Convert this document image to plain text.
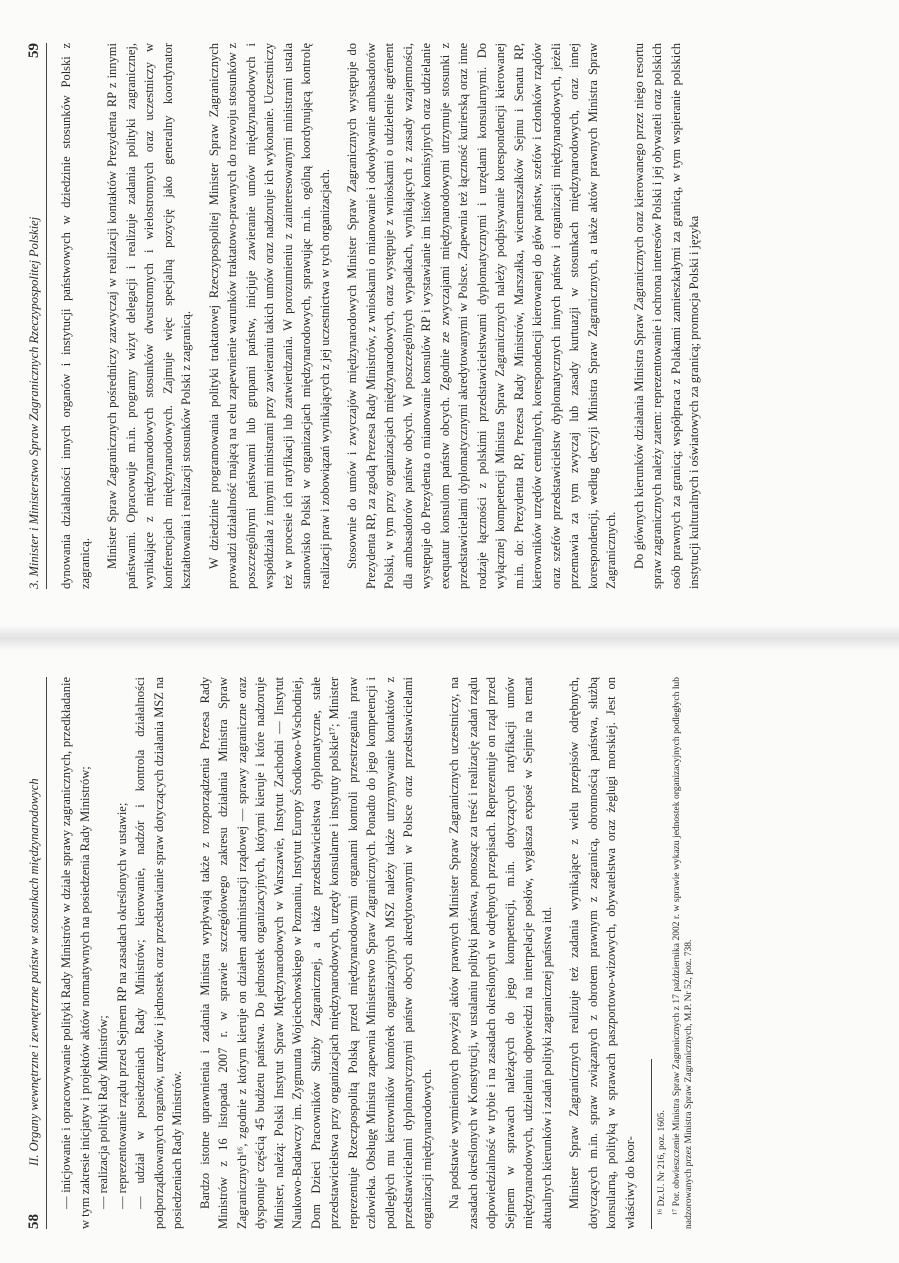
58
II. Organy wewnętrzne i zewnętrzne państw w stosunkach międzynarodowych — inicjowanie i opracowywanie polityki Rady Ministrów w dziale sprawy zagranicznych, przedkładanie w tym zakresie inicjatyw i projektów aktów normatywnych na posiedzenia Rady Ministrów; — realizacja polityki Rady Ministrów; — reprezentowanie rządu przed Sejmem RP na zasadach określonych w ustawie; — udział w posiedzeniach Rady Ministrów; kierowanie, nadzór i kontrola działalności podporządkowanych organów, urzędów i jednostek oraz przedstawianie spraw dotyczących działania MSZ na posiedzeniach Rady Ministrów. Bardzo istotne uprawnienia i zadania Ministra wypływają także z rozporządzenia Prezesa Rady Ministrów z 16 listopada 2007 r. w sprawie szczegółowego zakresu działania Ministra Spraw Zagranicznych¹⁶, zgodnie z którym kieruje on działem administracji rządowej — sprawy zagraniczne oraz dysponuje częścią 45 budżetu państwa. Do jednostek organizacyjnych, którymi kieruje i które nadzoruje Minister, należą: Polski Instytut Spraw Międzynarodowych w Warszawie, Instytut Zachodni — Instytut Naukowo-Badawczy im. Zygmunta Wojciechowskiego w Poznaniu, Instytut Europy Środkowo-Wschodniej, Dom Dzieci Pracowników Służby Zagranicznej, a także przedstawicielstwa dyplomatyczne, stałe przedstawicielstwa przy organizacjach międzynarodowych, urzędy konsularne i instytuty polskie¹⁷; Minister reprezentuje Rzeczpospolitą Polską przed międzynarodowymi organami kontroli przestrzegania praw człowieka. Obsługę Ministra zapewnia Ministerstwo Spraw Zagranicznych. Ponadto do jego kompetencji i podległych mu kierowników komórek organizacyjnych MSZ należy także utrzymywanie kontaktów z przedstawicielami dyplomatycznymi państw obcych akredytowanymi w Polsce oraz przedstawicielami organizacji międzynarodowych. Na podstawie wymienionych powyżej aktów prawnych Minister Spraw Zagranicznych uczestniczy, na zasadach określonych w Konstytucji, w ustalaniu polityki państwa, ponosząc za treść i realizację zadań rządu odpowiedzialność w trybie i na zasadach określonych w odrębnych przepisach. Reprezentuje on rząd przed Sejmem w sprawach należących do jego kompetencji, m.in. dotyczących ratyfikacji umów międzynarodowych, udzielaniu odpowiedzi na interpelacje posłów, wygłasza exposé w Sejmie na temat aktualnych kierunków i zadań polityki zagranicznej państwa itd. Minister Spraw Zagranicznych realizuje też zadania wynikające z wielu przepisów odrębnych, dotyczących m.in. spraw związanych z obrotem prawnym z zagranicą, obronnością państwa, służbą konsularną, polityką w sprawach paszportowo-wizowych, obywatelstwa oraz żeglugi morskiej. Jest on właściwy do koor- ¹⁶ Dz.U. Nr 216, poz. 1605. ¹⁷ Por. obwieszczenie Ministra Spraw Zagranicznych z 17 października 2002 r. w sprawie wykazu jednostek organizacyjnych podległych lub nadzorowanych przez Ministra Spraw Zagranicznych, M.P. Nr 52, poz. 738.

3. Minister i Ministerstwo Spraw Zagranicznych Rzeczypospolitej Polskiej
59 dynowania działalności innych organów i instytucji państwowych w dziedzinie stosunków Polski z zagranicą. Minister Spraw Zagranicznych pośredniczy zazwyczaj w realizacji kontaktów Prezydenta RP z innymi państwami. Opracowuje m.in. programy wizyt delegacji i realizuje zadania polityki zagranicznej, wynikające z międzynarodowych stosunków dwustronnych i wielostronnych oraz uczestniczy w konferencjach międzynarodowych. Zajmuje więc specjalną pozycję jako generalny koordynator kształtowania i realizacji stosunków Polski z zagranicą. W dziedzinie programowania polityki traktatowej Rzeczypospolitej Minister Spraw Zagranicznych prowadzi działalność mającą na celu zapewnienie warunków traktatowo-prawnych do rozwoju stosunków z poszczególnymi państwami lub grupami państw, inicjuje zawieranie umów międzynarodowych i współdziała z innymi ministrami przy zawieraniu takich umów oraz nadzoruje ich wykonanie. Uczestniczy też w procesie ich ratyfikacji lub zatwierdzania. W porozumieniu z zainteresowanymi ministrami ustala stanowisko Polski w organizacjach międzynarodowych, sprawując m.in. ogólną koordynującą kontrolę realizacji praw i zobowiązań wynikających z jej uczestnictwa w tych organizacjach. Stosownie do umów i zwyczajów międzynarodowych Minister Spraw Zagranicznych występuje do Prezydenta RP, za zgodą Prezesa Rady Ministrów, z wnioskami o mianowanie i odwoływanie ambasadorów Polski, w tym przy organizacjach międzynarodowych, oraz występuje z wnioskami o udzielenie agrément dla ambasadorów państw obcych. W poszczególnych wypadkach, wynikających z zasady wzajemności, występuje do Prezydenta o mianowanie konsulów RP i wystawianie im listów komisyjnych oraz udzielanie exequatur konsulom państw obcych. Zgodnie ze zwyczajami międzynarodowymi utrzymuje stosunki z przedstawicielami dyplomatycznymi akredytowanymi w Polsce. Zapewnia też łączność kurierską oraz inne rodzaje łączności z polskimi przedstawicielstwami dyplomatycznymi i urzędami konsularnymi. Do wyłącznej kompetencji Ministra Spraw Zagranicznych należy podpisywanie korespondencji kierowanej m.in. do: Prezydenta RP, Prezesa Rady Ministrów, Marszałka, wicemarszałków Sejmu i Senatu RP, kierowników urzędów centralnych, korespondencji kierowanej do głów państw, szefów i członków rządów oraz szefów przedstawicielstw dyplomatycznych innych państw i organizacji międzynarodowych, jeżeli przemawia za tym zwyczaj lub zasady kurtuazji w stosunkach międzynarodowych, oraz innej korespondencji, według decyzji Ministra Spraw Zagranicznych, a także aktów prawnych Ministra Spraw Zagranicznych. Do głównych kierunków działania Ministra Spraw Zagranicznych oraz kierowanego przez niego resortu spraw zagranicznych należy zatem: reprezentowanie i ochrona interesów Polski i jej obywateli oraz polskich osób prawnych za granicą; współpraca z Polakami zamieszkałymi za granicą, w tym wspieranie polskich instytucji kulturalnych i oświatowych za granicą; promocja Polski i języka
